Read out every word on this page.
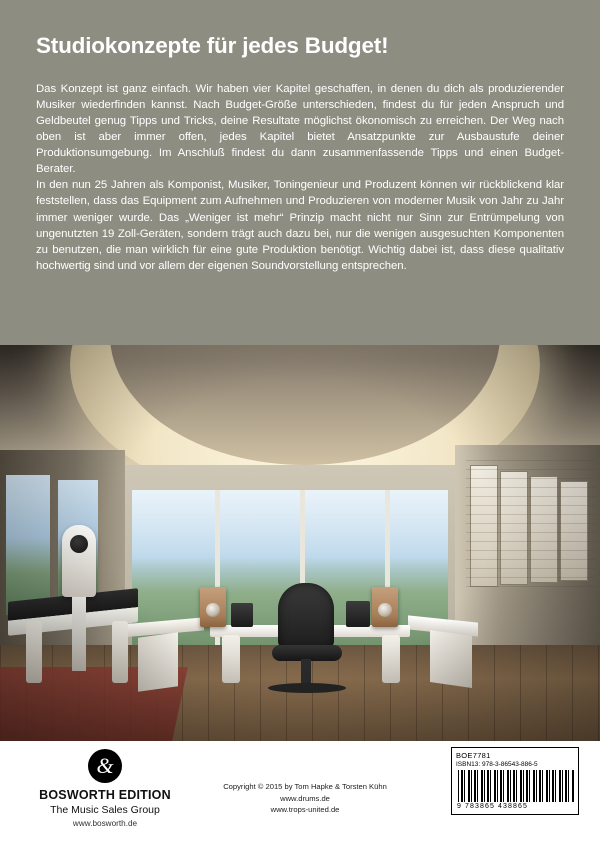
Studiokonzepte für jedes Budget!

Das Konzept ist ganz einfach. Wir haben vier Kapitel geschaffen, in denen du dich als produzierender Musiker wiederfinden kannst. Nach Budget-Größe unterschieden, findest du für jeden Anspruch und Geldbeutel genug Tipps und Tricks, deine Resultate möglichst ökonomisch zu erreichen. Der Weg nach oben ist aber immer offen, jedes Kapitel bietet Ansatzpunkte zur Ausbaustufe deiner Produktionsumgebung. Im Anschluß findest du dann zusammenfassende Tipps und einen Budget-Berater.

In den nun 25 Jahren als Komponist, Musiker, Toningenieur und Produzent können wir rückblickend klar feststellen, dass das Equipment zum Aufnehmen und Produzieren von moderner Musik von Jahr zu Jahr immer weniger wurde. Das „Weniger ist mehr“ Prinzip macht nicht nur Sinn zur Entrümpelung von ungenutzten 19 Zoll-Geräten, sondern trägt auch dazu bei, nur die wenigen ausgesuchten Komponenten zu benutzen, die man wirklich für eine gute Produktion benötigt. Wichtig dabei ist, dass diese qualitativ hochwertig sind und vor allem der eigenen Soundvorstellung entsprechen.

&
BOSWORTH EDITION
The Music Sales Group
www.bosworth.de
Copyright © 2015 by Tom Hapke & Torsten Kühn
www.drums.de
www.trops-united.de
BOE7781
ISBN13: 978-3-86543-886-5
9 783865 438865
